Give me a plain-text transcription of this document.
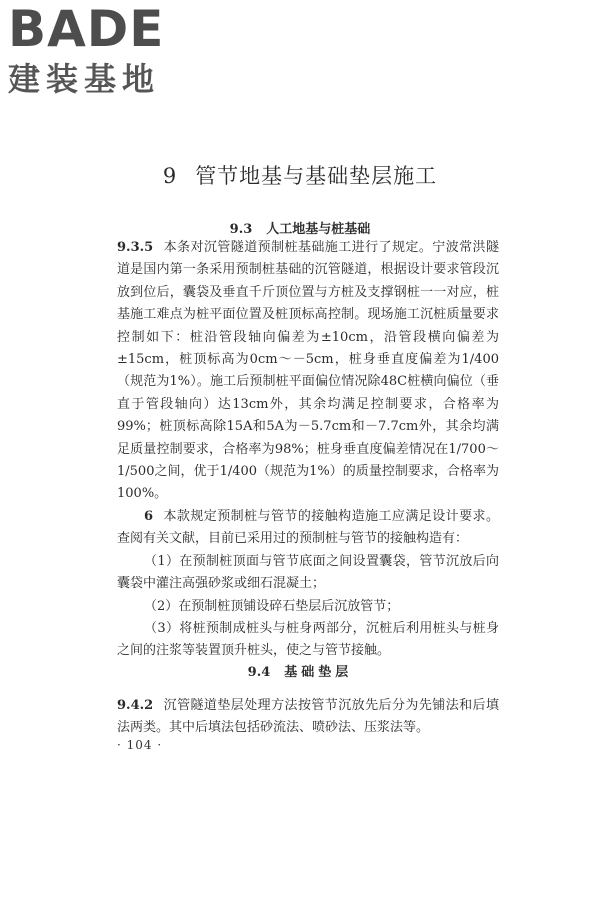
BADE
建装基地
9 管节地基与基础垫层施工
9.3 人工地基与桩基础

9.3.5 本条对沉管隧道预制桩基础施工进行了规定。宁波常洪隧道是国内第一条采用预制桩基础的沉管隧道，根据设计要求管段沉放到位后，囊袋及垂直千斤顶位置与方桩及支撑钢桩一一对应，桩基施工难点为桩平面位置及桩顶标高控制。现场施工沉桩质量要求控制如下：桩沿管段轴向偏差为±10cm，沿管段横向偏差为±15cm，桩顶标高为0cm～－5cm，桩身垂直度偏差为1/400（规范为1%）。施工后预制桩平面偏位情况除48C桩横向偏位（垂直于管段轴向）达13cm外，其余均满足控制要求，合格率为99%；桩顶标高除15A和5A为－5.7cm和－7.7cm外，其余均满足质量控制要求，合格率为98%；桩身垂直度偏差情况在1/700～1/500之间，优于1/400（规范为1%）的质量控制要求，合格率为100%。

6 本款规定预制桩与管节的接触构造施工应满足设计要求。查阅有关文献，目前已采用过的预制桩与管节的接触构造有：

（1）在预制桩顶面与管节底面之间设置囊袋，管节沉放后向囊袋中灌注高强砂浆或细石混凝土；

（2）在预制桩顶铺设碎石垫层后沉放管节；

（3）将桩预制成桩头与桩身两部分，沉桩后利用桩头与桩身之间的注浆等装置顶升桩头，使之与管节接触。

9.4 基础垫层

9.4.2 沉管隧道垫层处理方法按管节沉放先后分为先铺法和后填法两类。其中后填法包括砂流法、喷砂法、压浆法等。

· 104 ·
